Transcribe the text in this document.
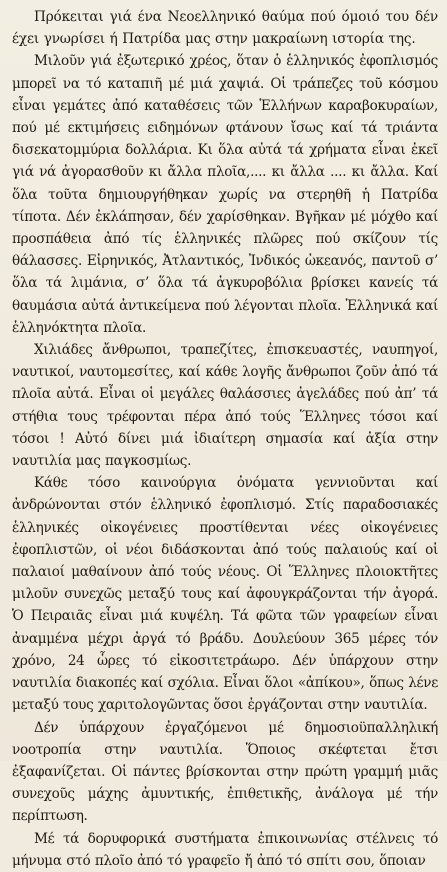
Πρόκειται γιά ένα Νεοελληνικό θαύμα πού όμοιό του δέν έχει γνωρίσει ή Πατρίδα μας στην μακραίωνη ιστορία της.

Μιλοῦν γιά ἐξωτερικό χρέος, ὅταν ὁ ἑλληνικός ἐφοπλισμός μπορεῖ να τό καταπιῆ μέ μιά χαψιά. Οἱ τράπεζες τοῦ κόσμου εἶναι γεμάτες ἀπό καταθέσεις τῶν Ἑλλήνων καραβοκυραίων, πού μέ εκτιμήσεις ειδημόνων φτάνουν ἴσως καί τά τριάντα δισεκατομμύρια δολλάρια. Κι ὅλα αὐτά τά χρήματα εἶναι ἐκεῖ γιά νά ἀγορασθοῦν κι ἄλλα πλοῖα,.... κι ἄλλα .... κι ἄλλα. Καί ὅλα τοῦτα δημιουργήθηκαν χωρίς να στερηθῆ ἡ Πατρίδα τίποτα. Δέν ἐκλάπησαν, δέν χαρίσθηκαν. Βγῆκαν μέ μόχθο καί προσπάθεια ἀπό τίς ἑλληνικές πλῶρες πού σκίζουν τίς θάλασσες. Εἰρηνικός, Ἀτλαντικός, Ἰνδικός ὠκεανός, παντοῦ σ’ ὅλα τά λιμάνια, σ’ ὅλα τά ἀγκυροβόλια βρίσκει κανείς τά θαυμάσια αὐτά ἀντικείμενα πού λέγονται πλοῖα. Ἑλληνικά καί ἑλληνόκτητα πλοῖα.

Χιλιάδες ἄνθρωποι, τραπεζίτες, ἐπισκευαστές, ναυπηγοί, ναυτικοί, ναυτομεσίτες, καί κάθε λογῆς ἄνθρωποι ζοῦν ἀπό τά πλοῖα αὐτά. Εἶναι οἱ μεγάλες θαλάσσιες ἀγελάδες πού ἀπ’ τά στήθια τους τρέφονται πέρα ἀπό τούς Ἕλληνες τόσοι καί τόσοι ! Αὐτό δίνει μιά ἰδιαίτερη σημασία καί ἀξία στην ναυτιλία μας παγκοσμίως.

Κάθε τόσο καινούργια ὀνόματα γεννιοῦνται καί ἀνδρώνονται στόν ἑλληνικό ἐφοπλισμό. Στίς παραδοσιακές ἑλληνικές οἰκογένειες προστίθενται νέες οἰκογένειες ἐφοπλιστῶν, οἱ νέοι διδάσκονται ἀπό τούς παλαιούς καί οἱ παλαιοί μαθαίνουν ἀπό τούς νέους. Οἱ Ἕλληνες πλοιοκτῆτες μιλοῦν συνεχῶς μεταξύ τους καί ἀφουγκράζονται τήν ἀγορά. Ὁ Πειραιᾶς εἶναι μιά κυψέλη. Τά φῶτα τῶν γραφείων εἶναι ἀναμμένα μέχρι ἀργά τό βράδυ. Δουλεύουν 365 μέρες τόν χρόνο, 24 ὧρες τό εἰκοσιτετράωρο. Δέν ὑπάρχουν στην ναυτιλία διακοπές καί σχόλια. Εἶναι ὅλοι «ἀπίκου», ὅπως λένε μεταξύ τους χαριτολογῶντας ὅσοι ἐργάζονται στην ναυτιλία.

Δέν ὑπάρχουν ἐργαζόμενοι μέ δημοσιοϋπαλληλική νοοτροπία στην ναυτιλία. Ὅποιος σκέφτεται ἔτσι ἐξαφανίζεται. Οἱ πάντες βρίσκονται στην πρώτη γραμμή μιᾶς συνεχοῦς μάχης ἀμυντικής, ἐπιθετικῆς, ἀνάλογα μέ τήν περίπτωση.

Μέ τά δορυφορικά συστήματα ἐπικοινωνίας στέλνεις τό μήνυμα στό πλοῖο ἀπό τό γραφεῖο ἤ ἀπό τό σπίτι σου, ὅποιαν
